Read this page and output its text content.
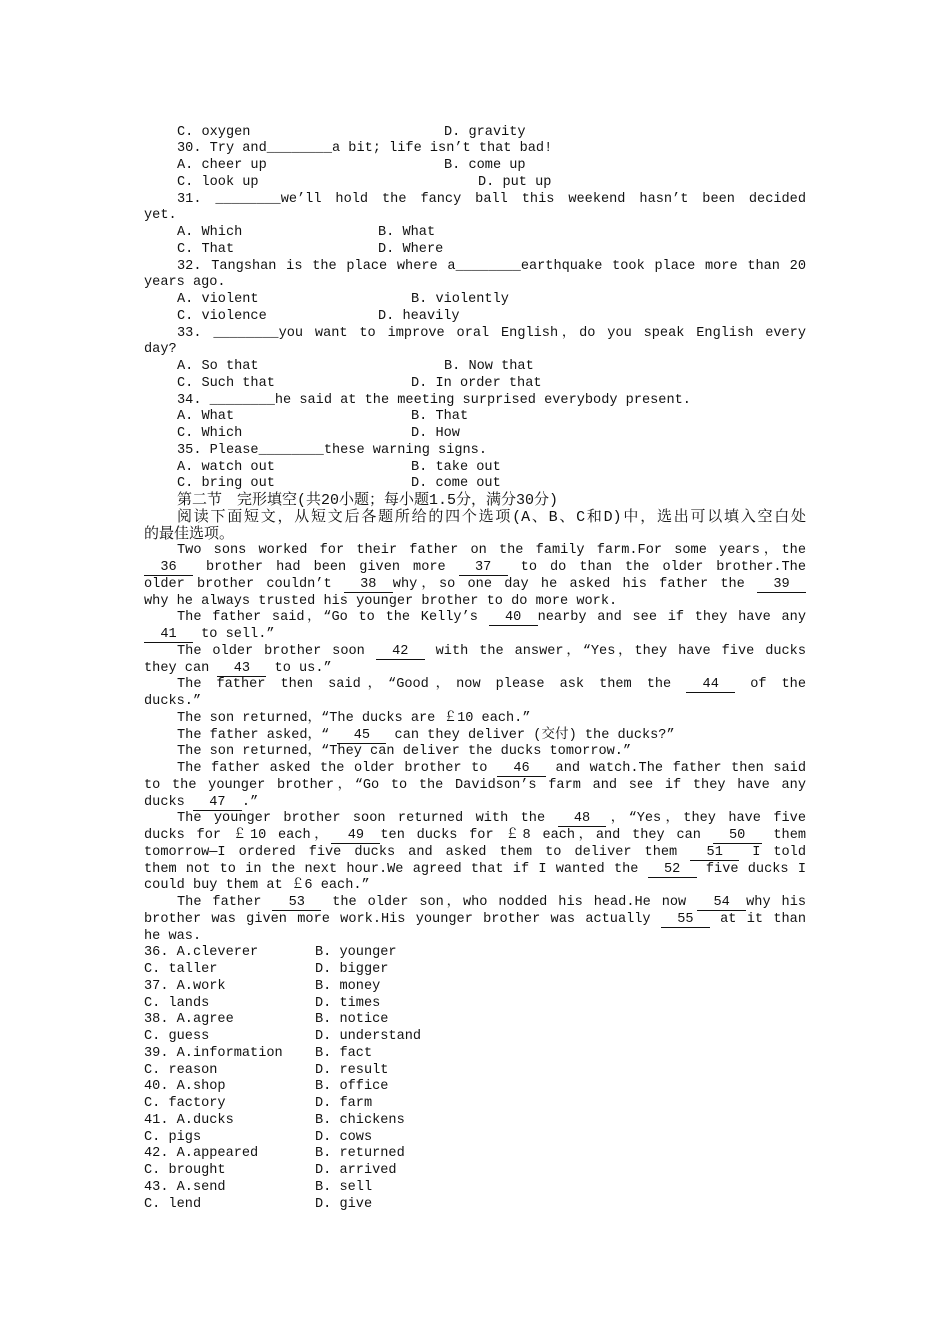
C. oxygen	D. gravity
30. Try and________a bit; life isn’t that bad!
A. cheer up	B. come up
C. look up	D. put up
31. ________we’ll hold the fancy ball this weekend hasn’t been decided
yet.
A. Which	B. What
C. That	D. Where
32. Tangshan is the place where a________earthquake took place more than 20
years ago.
A. violent	B. violently
C. violence	D. heavily
33. ________you want to improve oral English，do you speak English every
day?
A. So that	B. Now that
C. Such that	D. In order that
34. ________he said at the meeting surprised everybody present.
A. What	B. That
C. Which	D. How
35. Please________these warning signs.
A. watch out	B. take out
C. bring out	D. come out
第二节　完形填空(共20小题；每小题1.5分，满分30分)
阅读下面短文，从短文后各题所给的四个选项(A、B、C和D)中，选出可以填入空白处
的最佳选项。
Two sons worked for their father on the family farm.For some years，the
36 brother had been given more 37 to do than the older brother.The
older brother couldn’t 38 why，so one day he asked his father the 39
why he always trusted his younger brother to do more work.
The father said，“Go to the Kelly’s 40 nearby and see if they have any
41 to sell.”
The older brother soon 42 with the answer，“Yes，they have five ducks
they can 43 to us.”
The father then said，“Good，now please ask them the 44 of the
ducks.”
The son returned，“The ducks are ￡10 each.”
The father asked，“ 45 can they deliver (交付) the ducks?”
The son returned，“They can deliver the ducks tomorrow.”
The father asked the older brother to 46 and watch.The father then said
to the younger brother，“Go to the Davidson’s farm and see if they have any
ducks 47 .”
The younger brother soon returned with the 48 ，“Yes，they have five
ducks for ￡10 each， 49 ten ducks for ￡8 each，and they can 50 them
tomorrow—I ordered five ducks and asked them to deliver them 51 I told
them not to in the next hour.We agreed that if I wanted the 52 five ducks I
could buy them at ￡6 each.”
The father 53 the older son，who nodded his head.He now 54 why his
brother was given more work.His younger brother was actually 55 at it than
he was.
36. A.cleverer	B. younger
C. taller	D. bigger
37. A.work	B. money
C. lands	D. times
38. A.agree	B. notice
C. guess	D. understand
39. A.information B. fact
C. reason	D. result
40. A.shop	B. office
C. factory	D. farm
41. A.ducks	B. chickens
C. pigs	D. cows
42. A.appeared	B. returned
C. brought	D. arrived
43. A.send	B. sell
C. lend	D. give
